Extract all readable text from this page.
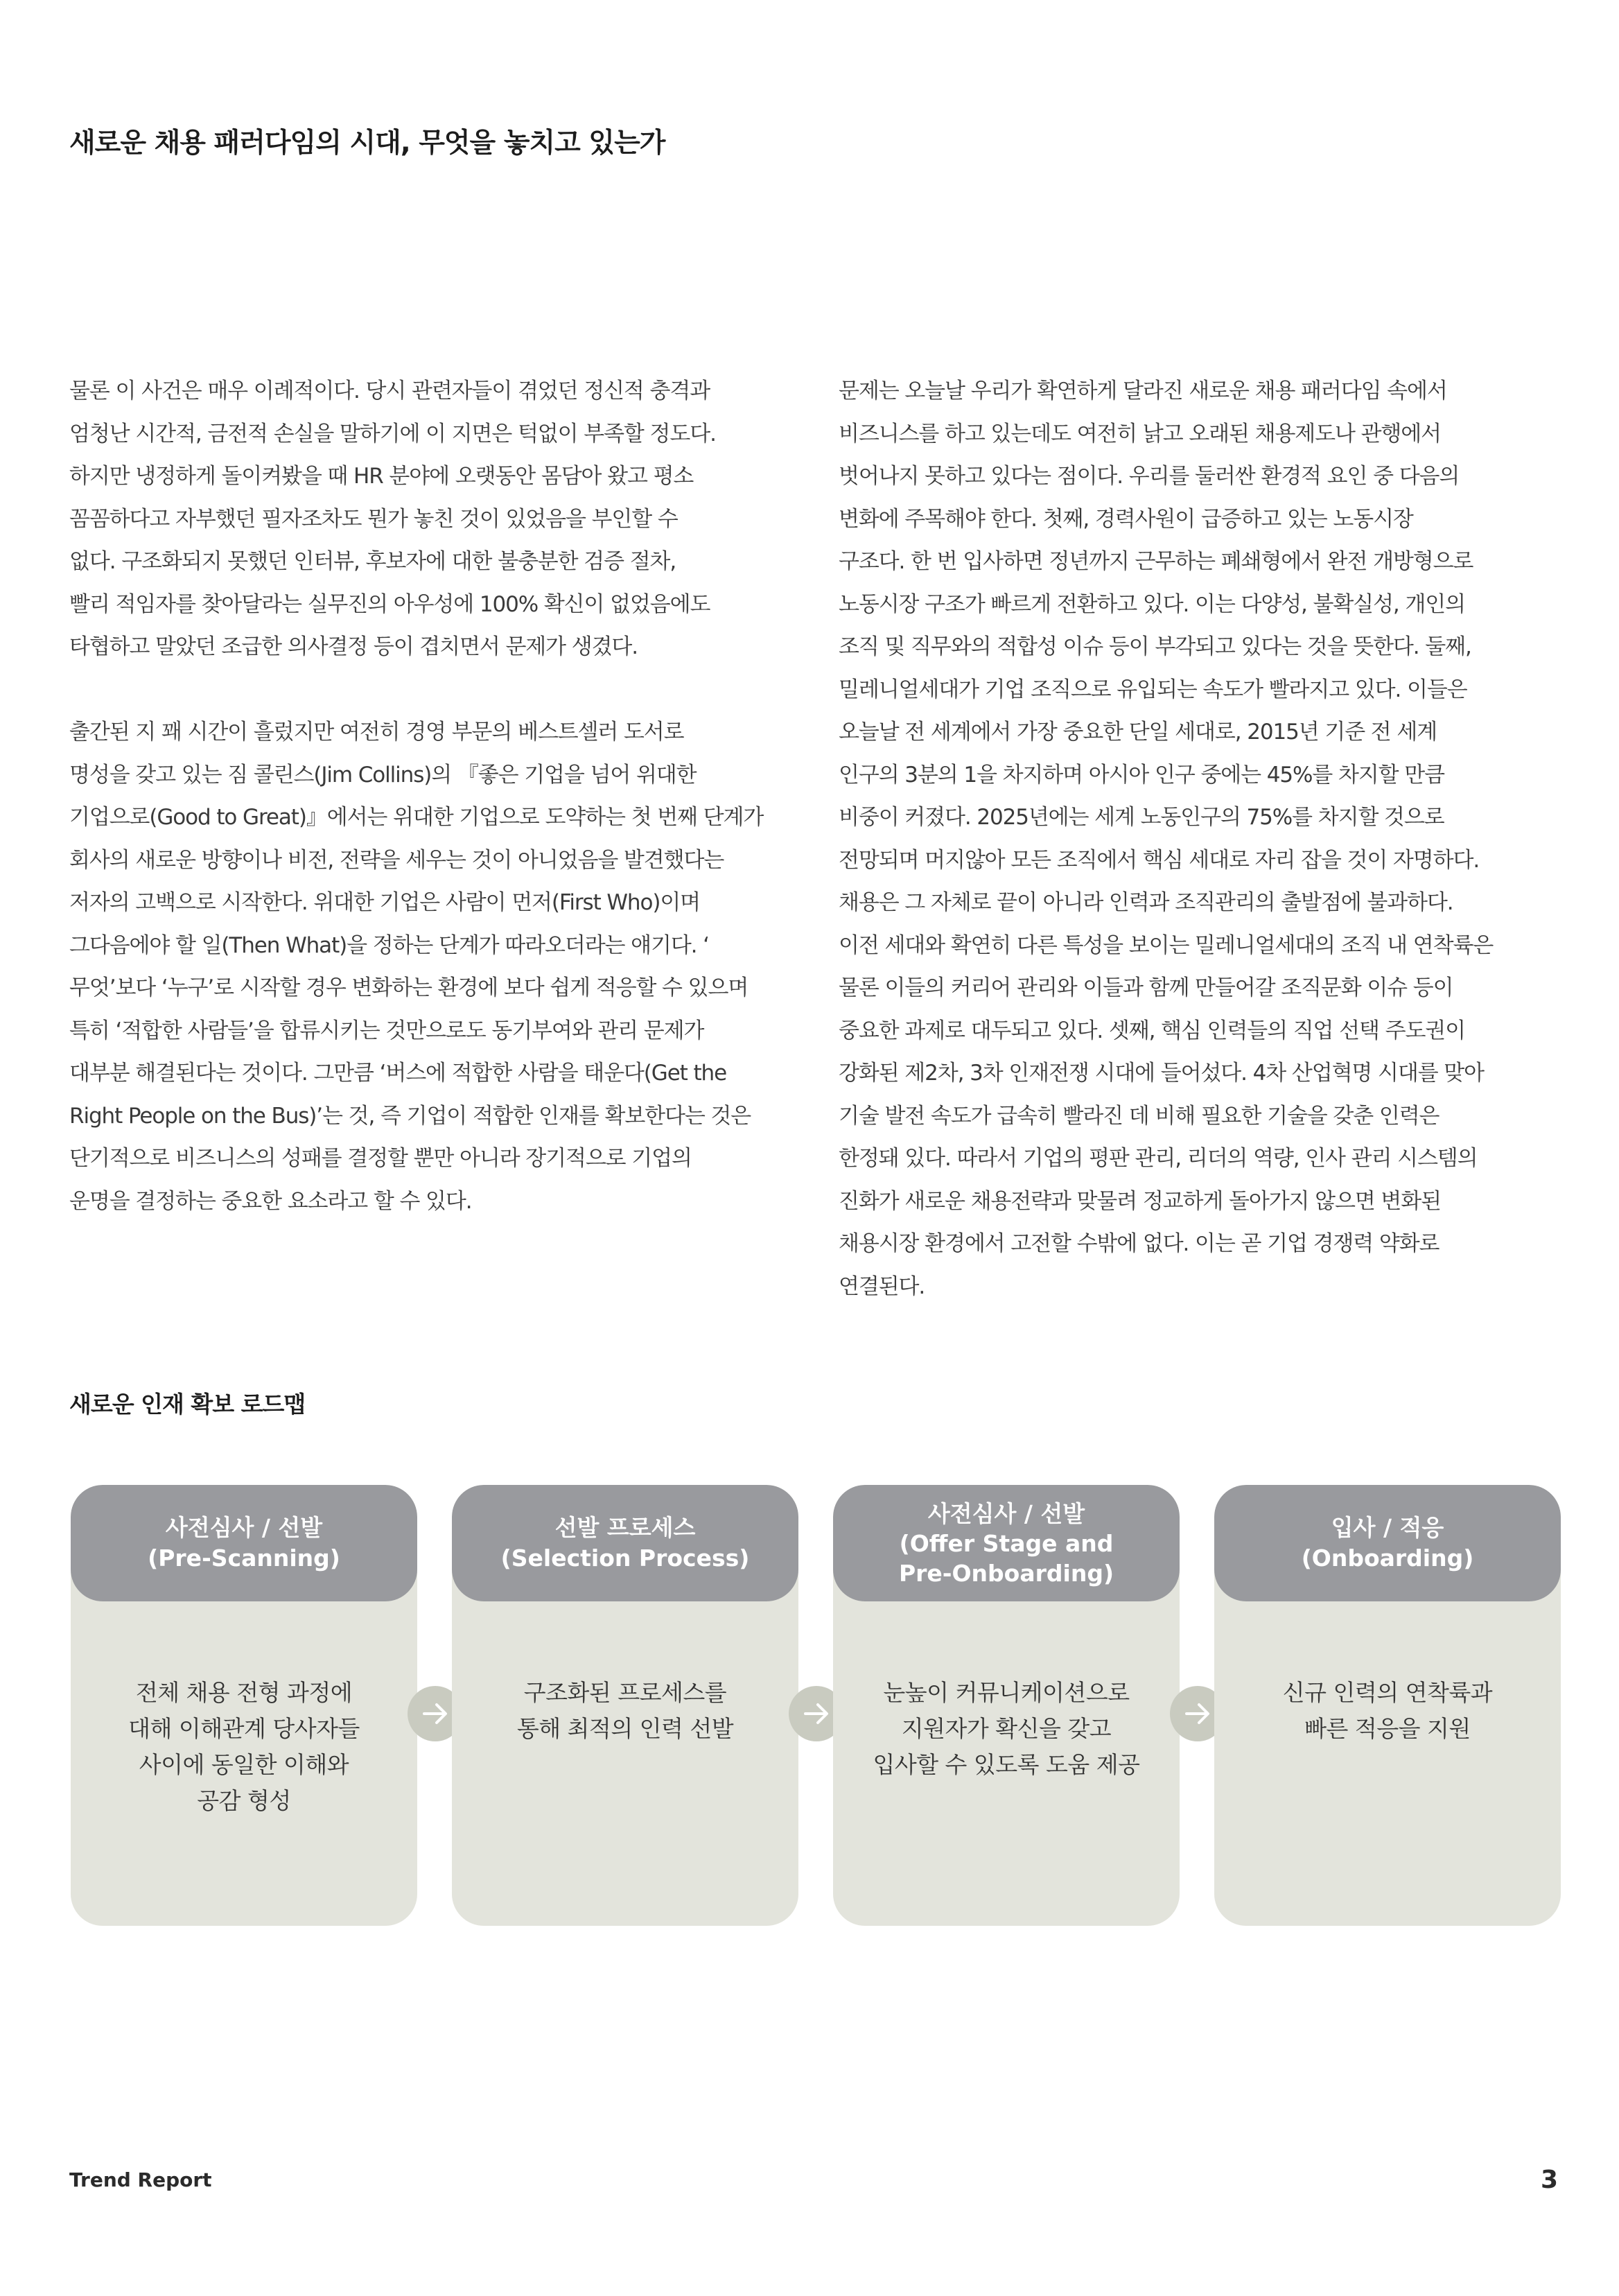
새로운 채용 패러다임의 시대, 무엇을 놓치고 있는가
물론 이 사건은 매우 이례적이다. 당시 관련자들이 겪었던 정신적 충격과
엄청난 시간적, 금전적 손실을 말하기에 이 지면은 턱없이 부족할 정도다.
하지만 냉정하게 돌이켜봤을 때 HR 분야에 오랫동안 몸담아 왔고 평소
꼼꼼하다고 자부했던 필자조차도 뭔가 놓친 것이 있었음을 부인할 수
없다. 구조화되지 못했던 인터뷰, 후보자에 대한 불충분한 검증 절차,
빨리 적임자를 찾아달라는 실무진의 아우성에 100% 확신이 없었음에도
타협하고 말았던 조급한 의사결정 등이 겹치면서 문제가 생겼다.
출간된 지 꽤 시간이 흘렀지만 여전히 경영 부문의 베스트셀러 도서로
명성을 갖고 있는 짐 콜린스(Jim Collins)의 『좋은 기업을 넘어 위대한
기업으로(Good to Great)』에서는 위대한 기업으로 도약하는 첫 번째 단계가
회사의 새로운 방향이나 비전, 전략을 세우는 것이 아니었음을 발견했다는
저자의 고백으로 시작한다. 위대한 기업은 사람이 먼저(First Who)이며
그다음에야 할 일(Then What)을 정하는 단계가 따라오더라는 얘기다. ‘
무엇’보다 ‘누구’로 시작할 경우 변화하는 환경에 보다 쉽게 적응할 수 있으며
특히 ‘적합한 사람들’을 합류시키는 것만으로도 동기부여와 관리 문제가
대부분 해결된다는 것이다. 그만큼 ‘버스에 적합한 사람을 태운다(Get the
Right People on the Bus)’는 것, 즉 기업이 적합한 인재를 확보한다는 것은
단기적으로 비즈니스의 성패를 결정할 뿐만 아니라 장기적으로 기업의
운명을 결정하는 중요한 요소라고 할 수 있다.
문제는 오늘날 우리가 확연하게 달라진 새로운 채용 패러다임 속에서
비즈니스를 하고 있는데도 여전히 낡고 오래된 채용제도나 관행에서
벗어나지 못하고 있다는 점이다. 우리를 둘러싼 환경적 요인 중 다음의
변화에 주목해야 한다. 첫째, 경력사원이 급증하고 있는 노동시장
구조다. 한 번 입사하면 정년까지 근무하는 폐쇄형에서 완전 개방형으로
노동시장 구조가 빠르게 전환하고 있다. 이는 다양성, 불확실성, 개인의
조직 및 직무와의 적합성 이슈 등이 부각되고 있다는 것을 뜻한다. 둘째,
밀레니얼세대가 기업 조직으로 유입되는 속도가 빨라지고 있다. 이들은
오늘날 전 세계에서 가장 중요한 단일 세대로, 2015년 기준 전 세계
인구의 3분의 1을 차지하며 아시아 인구 중에는 45%를 차지할 만큼
비중이 커졌다. 2025년에는 세계 노동인구의 75%를 차지할 것으로
전망되며 머지않아 모든 조직에서 핵심 세대로 자리 잡을 것이 자명하다.
채용은 그 자체로 끝이 아니라 인력과 조직관리의 출발점에 불과하다.
이전 세대와 확연히 다른 특성을 보이는 밀레니얼세대의 조직 내 연착륙은
물론 이들의 커리어 관리와 이들과 함께 만들어갈 조직문화 이슈 등이
중요한 과제로 대두되고 있다. 셋째, 핵심 인력들의 직업 선택 주도권이
강화된 제2차, 3차 인재전쟁 시대에 들어섰다. 4차 산업혁명 시대를 맞아
기술 발전 속도가 급속히 빨라진 데 비해 필요한 기술을 갖춘 인력은
한정돼 있다. 따라서 기업의 평판 관리, 리더의 역량, 인사 관리 시스템의
진화가 새로운 채용전략과 맞물려 정교하게 돌아가지 않으면 변화된
채용시장 환경에서 고전할 수밖에 없다. 이는 곧 기업 경쟁력 약화로
연결된다.
새로운 인재 확보 로드맵
사전심사 / 선발
(Pre-Scanning)
전체 채용 전형 과정에
대해 이해관계 당사자들
사이에 동일한 이해와
공감 형성
선발 프로세스
(Selection Process)
구조화된 프로세스를
통해 최적의 인력 선발
사전심사 / 선발
(Offer Stage and
Pre-Onboarding)
눈높이 커뮤니케이션으로
지원자가 확신을 갖고
입사할 수 있도록 도움 제공
입사 / 적응
(Onboarding)
신규 인력의 연착륙과
빠른 적응을 지원
Trend Report	3
